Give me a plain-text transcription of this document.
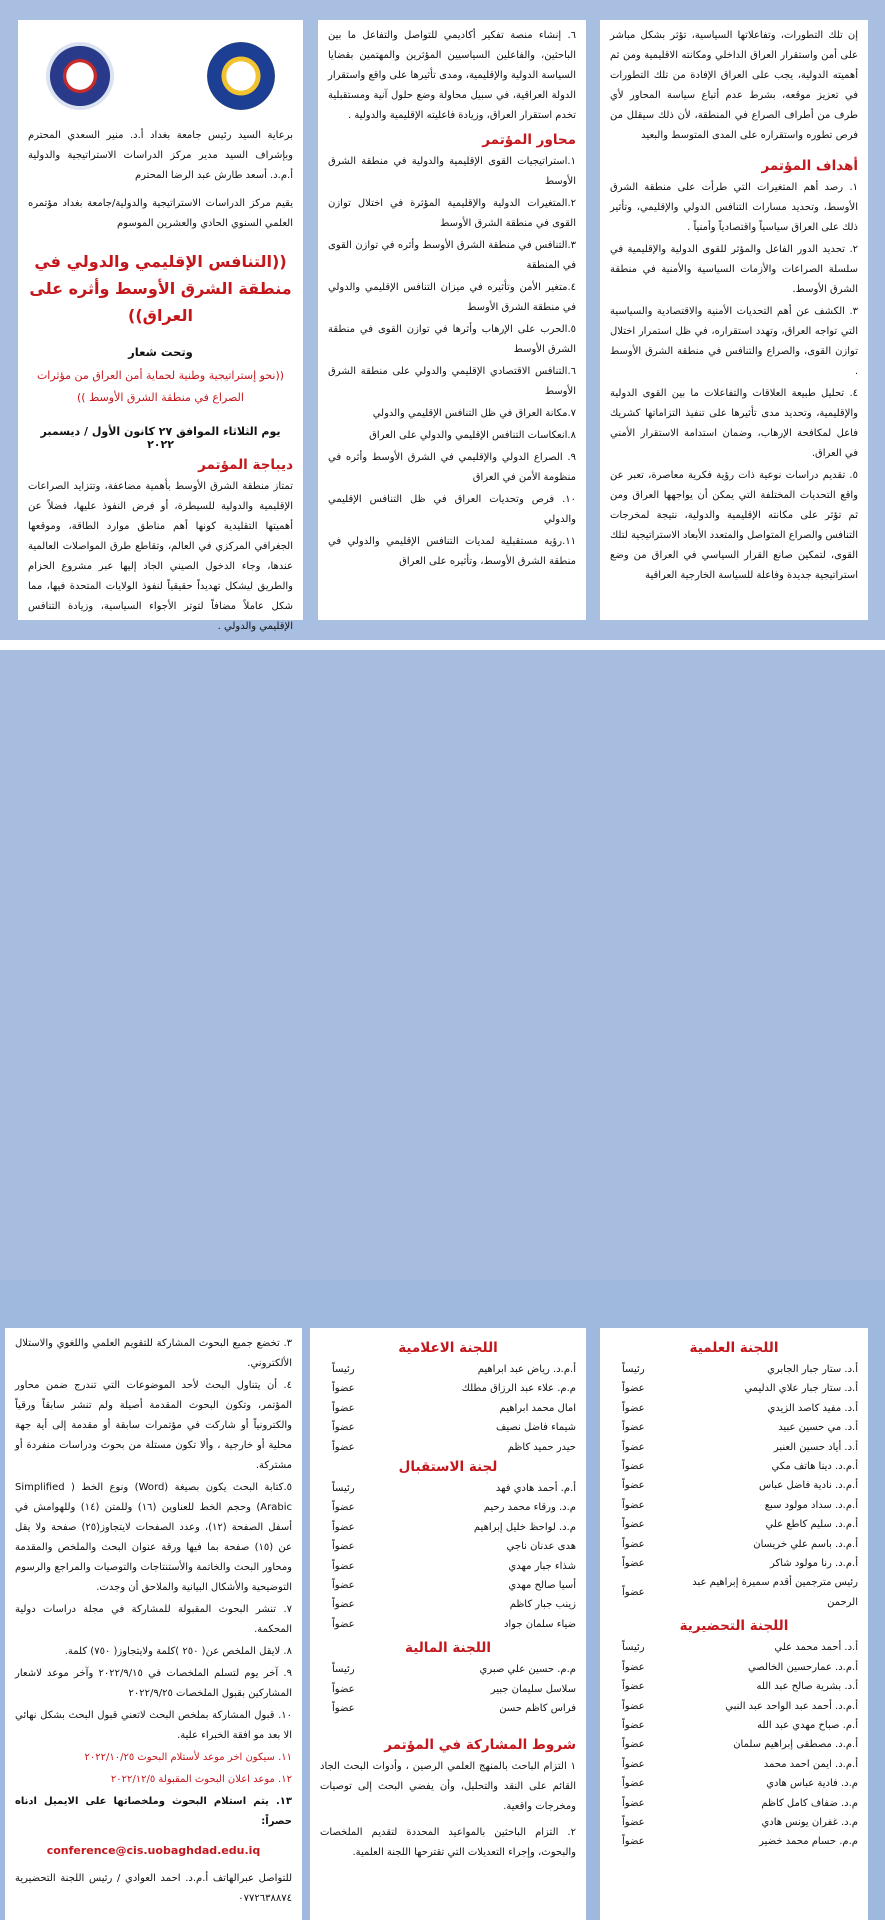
إن تلك التطورات، وتفاعلاتها السياسية، تؤثر بشكل مباشر على أمن واستقرار العراق الداخلي ومكانته الاقليمية ومن ثم أهميته الدولية، يجب على العراق الإفادة من تلك التطورات في تعزيز موقعه، بشرط عدم أتباع سياسة المحاور لأي طرف من أطراف الصراع في المنطقة، لأن ذلك سيقلل من فرص تطوره واستقراره على المدى المتوسط والبعيد

أهداف المؤتمر
١. رصد أهم المتغيرات التي طرأت على منطقة الشرق الأوسط، وتحديد مسارات التنافس الدولي والإقليمي، وتأثير ذلك على العراق سياسياً واقتصادياً وأمنياً .
٢. تحديد الدور الفاعل والمؤثر للقوى الدولية والإقليمية في سلسلة الصراعات والأزمات السياسية والأمنية في منطقة الشرق الأوسط.
٣. الكشف عن أهم التحديات الأمنية والاقتصادية والسياسية التي تواجه العراق، وتهدد استقراره، في ظل استمرار اختلال توازن القوى، والصراع والتنافس في منطقة الشرق الأوسط .
٤. تحليل طبيعة العلاقات والتفاعلات ما بين القوى الدولية والإقليمية، وتحديد مدى تأثيرها على تنفيذ التزاماتها كشريك فاعل لمكافحة الإرهاب، وضمان استدامة الاستقرار الأمني في العراق.
٥. تقديم دراسات نوعية ذات رؤية فكرية معاصرة، تعبر عن واقع التحديات المختلفة التي يمكن أن يواجهها العراق ومن ثم تؤثر على مكانته الإقليمية والدولية، نتيجة لمخرجات التنافس والصراع المتواصل والمتعدد الأبعاد الاستراتيجية لتلك القوى، لتمكين صانع القرار السياسي في العراق من وضع استراتيجية جديدة وفاعلة للسياسة الخارجية العراقية

٦. إنشاء منصة تفكير أكاديمي للتواصل والتفاعل ما بين الباحثين، والفاعلين السياسيين المؤثرين والمهتمين بقضايا السياسة الدولية والإقليمية، ومدى تأثيرها على واقع واستقرار الدولة العراقية، في سبيل محاولة وضع حلول آنية ومستقبلية تخدم استقرار العراق، وزيادة فاعليته الإقليمية والدولية .

محاور المؤتمر
١.استراتيجيات القوى الإقليمية والدولية في منطقة الشرق الأوسط
٢.المتغيرات الدولية والإقليمية المؤثرة في اختلال توازن القوى في منطقة الشرق الأوسط
٣.التنافس في منطقة الشرق الأوسط وأثره في توازن القوى في المنطقة
٤.متغير الأمن وتأثيره في ميزان التنافس الإقليمي والدولي في منطقة الشرق الأوسط
٥.الحرب على الإرهاب وأثرها في توازن القوى في منطقة الشرق الأوسط
٦.التنافس الاقتصادي الإقليمي والدولي على منطقة الشرق الأوسط
٧.مكانة العراق في ظل التنافس الإقليمي والدولي
٨.انعكاسات التنافس الإقليمي والدولي على العراق
٩. الصراع الدولي والإقليمي في الشرق الأوسط وأثره في منظومة الأمن في العراق
١٠. فرص وتحديات العراق في ظل التنافس الإقليمي والدولي
١١.رؤية مستقبلية لمديات التنافس الإقليمي والدولي في منطقة الشرق الأوسط، وتأثيره على العراق

برعاية السيد رئيس جامعة بغداد أ.د. منير السعدي المحترم وبإشراف السيد مدير مركز الدراسات الاستراتيجية والدولية أ.م.د. أسعد طارش عبد الرضا المحترم

يقيم مركز الدراسات الاستراتيجية والدولية/جامعة بغداد مؤتمره العلمي السنوي الحادي والعشرين الموسوم

((التنافس الإقليمي والدولي في منطقة الشرق الأوسط وأثره على العراق))
وتحت شعار
((نحو إستراتيجية وطنية لحماية أمن العراق من مؤثرات الصراع في منطقة الشرق الأوسط ))
يوم الثلاثاء الموافق ٢٧ كانون الأول / ديسمبر ٢٠٢٢
ديباجة المؤتمر

تمتاز منطقة الشرق الأوسط بأهمية مضاعفة، وتتزايد الصراعات الإقليمية والدولية للسيطرة، أو فرض النفوذ عليها، فضلاً عن أهميتها التقليدية كونها أهم مناطق موارد الطاقة، وموقعها الجغرافي المركزي في العالم، وتقاطع طرق المواصلات العالمية عندها، وجاء الدخول الصيني الجاد إليها عبر مشروع الحزام والطريق ليشكل تهديداً حقيقياً لنفوذ الولايات المتحدة فيها، مما شكل عاملاً مضافاً لتوتر الأجواء السياسية، وزيادة التنافس الإقليمي والدولي .

اللجنة العلمية
أ.د. ستار جبار الجابري	رئيساً
أ.د. ستار جبار علاي الدليمي	عضواً
أ.د. مفيد كاصد الزيدي	عضواً
أ.د. مي حسين عبيد	عضواً
أ.د. أياد حسين العنبر	عضواً
أ.م.د. دينا هاتف مكي	عضواً
أ.م.د. نادية فاضل عباس	عضواً
أ.م.د. سداد مولود سبع	عضواً
أ.م.د. سليم كاطع علي	عضواً
أ.م.د. باسم علي خريسان	عضواً
أ.م.د. رنا مولود شاكر	عضواً
رئيس مترجمين أقدم سميرة إبراهيم عبد الرحمن	عضواً
اللجنة التحضيرية
أ.د. أحمد محمد علي	رئيساً
أ.م.د. عمارحسين الخالصي	عضواً
أ.د. بشرية صالح عبد الله	عضواً
أ.م.د. أحمد عبد الواحد عبد النبي	عضواً
أ.م. صباح مهدي عبد الله	عضواً
أ.م.د. مصطفى إبراهيم سلمان	عضواً
أ.م.د. ايمن احمد محمد	عضواً
م.د. فادية عباس هادي	عضواً
م.د. ضفاف كامل كاظم	عضواً
م.د. غفران يونس هادي	عضواً
م.م. حسام محمد خضير	عضواً
اللجنة الاعلامية
أ.م.د. رياض عبد ابراهيم	رئيساً
م.م. علاء عبد الرزاق مطلك	عضواً
امال محمد ابراهيم	عضواً
شيماء فاضل نصيف	عضواً
حيدر حميد كاظم	عضواً
لجنة الاستقبال
أ.م. أحمد هادي فهد	رئيساً
م.د. ورقاء محمد رحيم	عضواً
م.د. لواحظ خليل إبراهيم	عضواً
هدى عدنان ناجي	عضواً
شذاء جبار مهدي	عضواً
أسيا صالح مهدي	عضواً
زينب جبار كاظم	عضواً
ضياء سلمان جواد	عضواً
اللجنة المالية
م.م. حسين علي صبري	رئيساً
سلاسل سليمان جبير	عضواً
فراس كاظم حسن	عضواً
شروط المشاركة في المؤتمر

١ التزام الباحث بالمنهج العلمي الرصين ، وأدوات البحث الجاد القائم على النقد والتحليل، وأن يفضي البحث إلى توصيات ومخرجات واقعية.

٢. التزام الباحثين بالمواعيد المحددة لتقديم الملخصات والبحوث، وإجراء التعديلات التي تقترحها اللجنة العلمية.

٣. تخضع جميع البحوث المشاركة للتقويم العلمي واللغوي والاستلال الألكتروني.
٤. أن يتناول البحث لأحد الموضوعات التي تندرج ضمن محاور المؤتمر، وتكون البحوث المقدمة أصيلة ولم تنشر سابقاً ورقياً والكترونياً أو شاركت في مؤتمرات سابقة أو مقدمة إلى أية جهة محلية أو خارجية ، وألا تكون مستلة من بحوث ودراسات منفردة أو مشتركة.
٥.كتابة البحث يكون بصيغة (Word) ونوع الخط ( Simplified Arabic) وحجم الخط للعناوين (١٦) وللمتن (١٤) وللهوامش في أسفل الصفحة (١٢)، وعدد الصفحات لايتجاوز(٢٥) صفحة ولا يقل عن (١٥) صفحة بما فيها ورقة عنوان البحث والملخص والمقدمة ومحاور البحث والخاتمة والأستنتاجات والتوصيات والمراجع والرسوم التوضيحية والأشكال البيانية والملاحق أن وجدت.
٧. تنشر البحوث المقبولة للمشاركة في مجلة دراسات دولية المحكمة.
٨. لايقل الملخص عن( ٢٥٠ )كلمة ولايتجاوز( ٧٥٠) كلمة.
٩. آخر يوم لتسلم الملخصات في ٢٠٢٢/٩/١٥ وآخر موعد لاشعار المشاركين بقبول الملخصات ٢٠٢٢/٩/٢٥
١٠. قبول المشاركة بملخص البحث لاتعني قبول البحث بشكل نهائي الا بعد مو افقة الخبراء علية.
١١. سيكون اخر موعد لأستلام البحوث ٢٠٢٢/١٠/٢٥
١٢. موعد اعلان البحوث المقبولة ٢٠٢٢/١٢/٥
١٣. يتم استلام البحوث وملخصاتها على الايميل ادناه حصراً:
conference@cis.uobaghdad.edu.iq

للتواصل عبرالهاتف أ.م.د. احمد العوادي / رئيس اللجنة التحضيرية ٠٧٧٢٦٣٨٨٧٤
